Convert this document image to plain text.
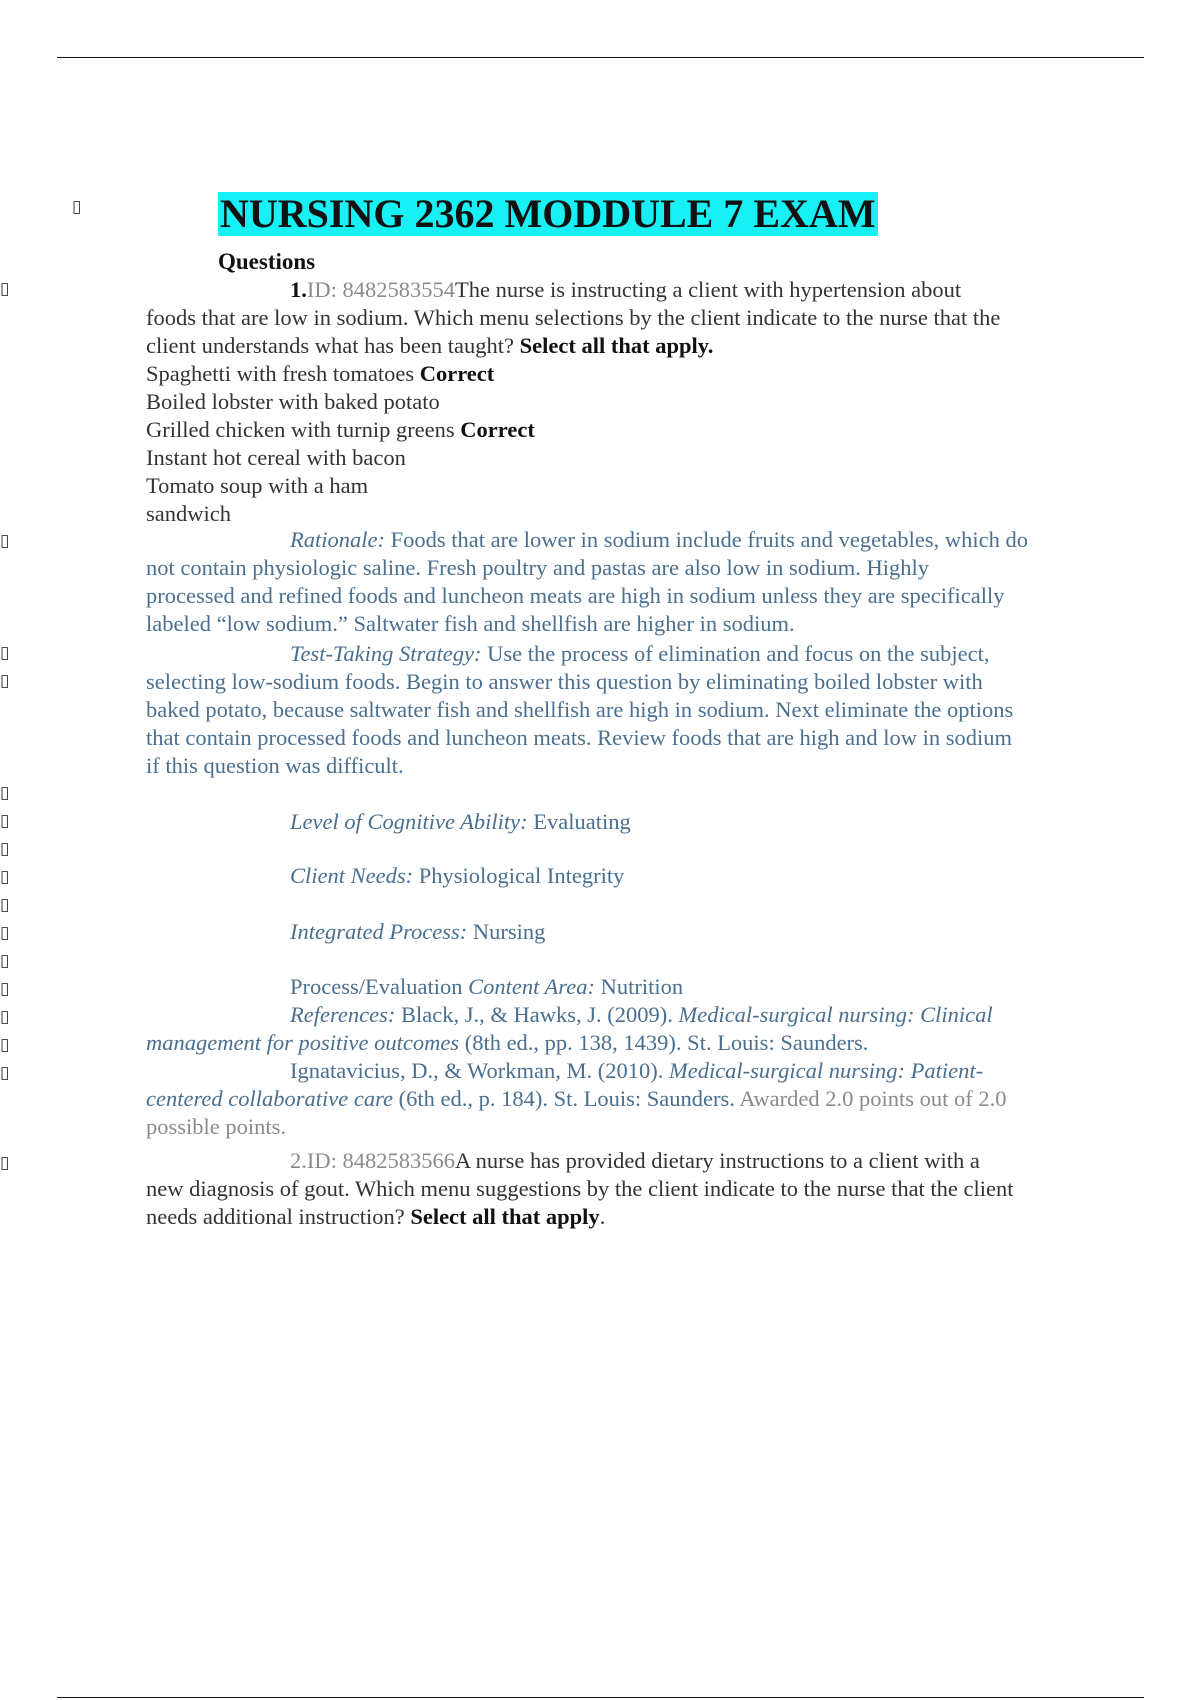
▯
▯
▯
▯
▯
▯
▯
▯
▯
▯
▯
▯
▯
▯
▯
▯
▯
NURSING 2362 MODDULE 7 EXAM
Questions
1.ID: 8482583554The nurse is instructing a client with hypertension about
foods that are low in sodium. Which menu selections by the client indicate to the nurse that the
client understands what has been taught? Select all that apply.
Spaghetti with fresh tomatoes Correct
Boiled lobster with baked potato
Grilled chicken with turnip greens Correct
Instant hot cereal with bacon
Tomato soup with a ham
sandwich
Rationale: Foods that are lower in sodium include fruits and vegetables, which do
not contain physiologic saline. Fresh poultry and pastas are also low in sodium. Highly
processed and refined foods and luncheon meats are high in sodium unless they are specifically
labeled “low sodium.” Saltwater fish and shellfish are higher in sodium.
Test-Taking Strategy: Use the process of elimination and focus on the subject,
selecting low-sodium foods. Begin to answer this question by eliminating boiled lobster with
baked potato, because saltwater fish and shellfish are high in sodium. Next eliminate the options
that contain processed foods and luncheon meats. Review foods that are high and low in sodium
if this question was difficult.
Level of Cognitive Ability: Evaluating
Client Needs: Physiological Integrity
Integrated Process: Nursing
Process/Evaluation Content Area: Nutrition
References: Black, J., & Hawks, J. (2009). Medical-surgical nursing: Clinical
management for positive outcomes (8th ed., pp. 138, 1439). St. Louis: Saunders.
Ignatavicius, D., & Workman, M. (2010). Medical-surgical nursing: Patient-
centered collaborative care (6th ed., p. 184). St. Louis: Saunders. Awarded 2.0 points out of 2.0
possible points.
2.ID: 8482583566A nurse has provided dietary instructions to a client with a
new diagnosis of gout. Which menu suggestions by the client indicate to the nurse that the client
needs additional instruction? Select all that apply.
